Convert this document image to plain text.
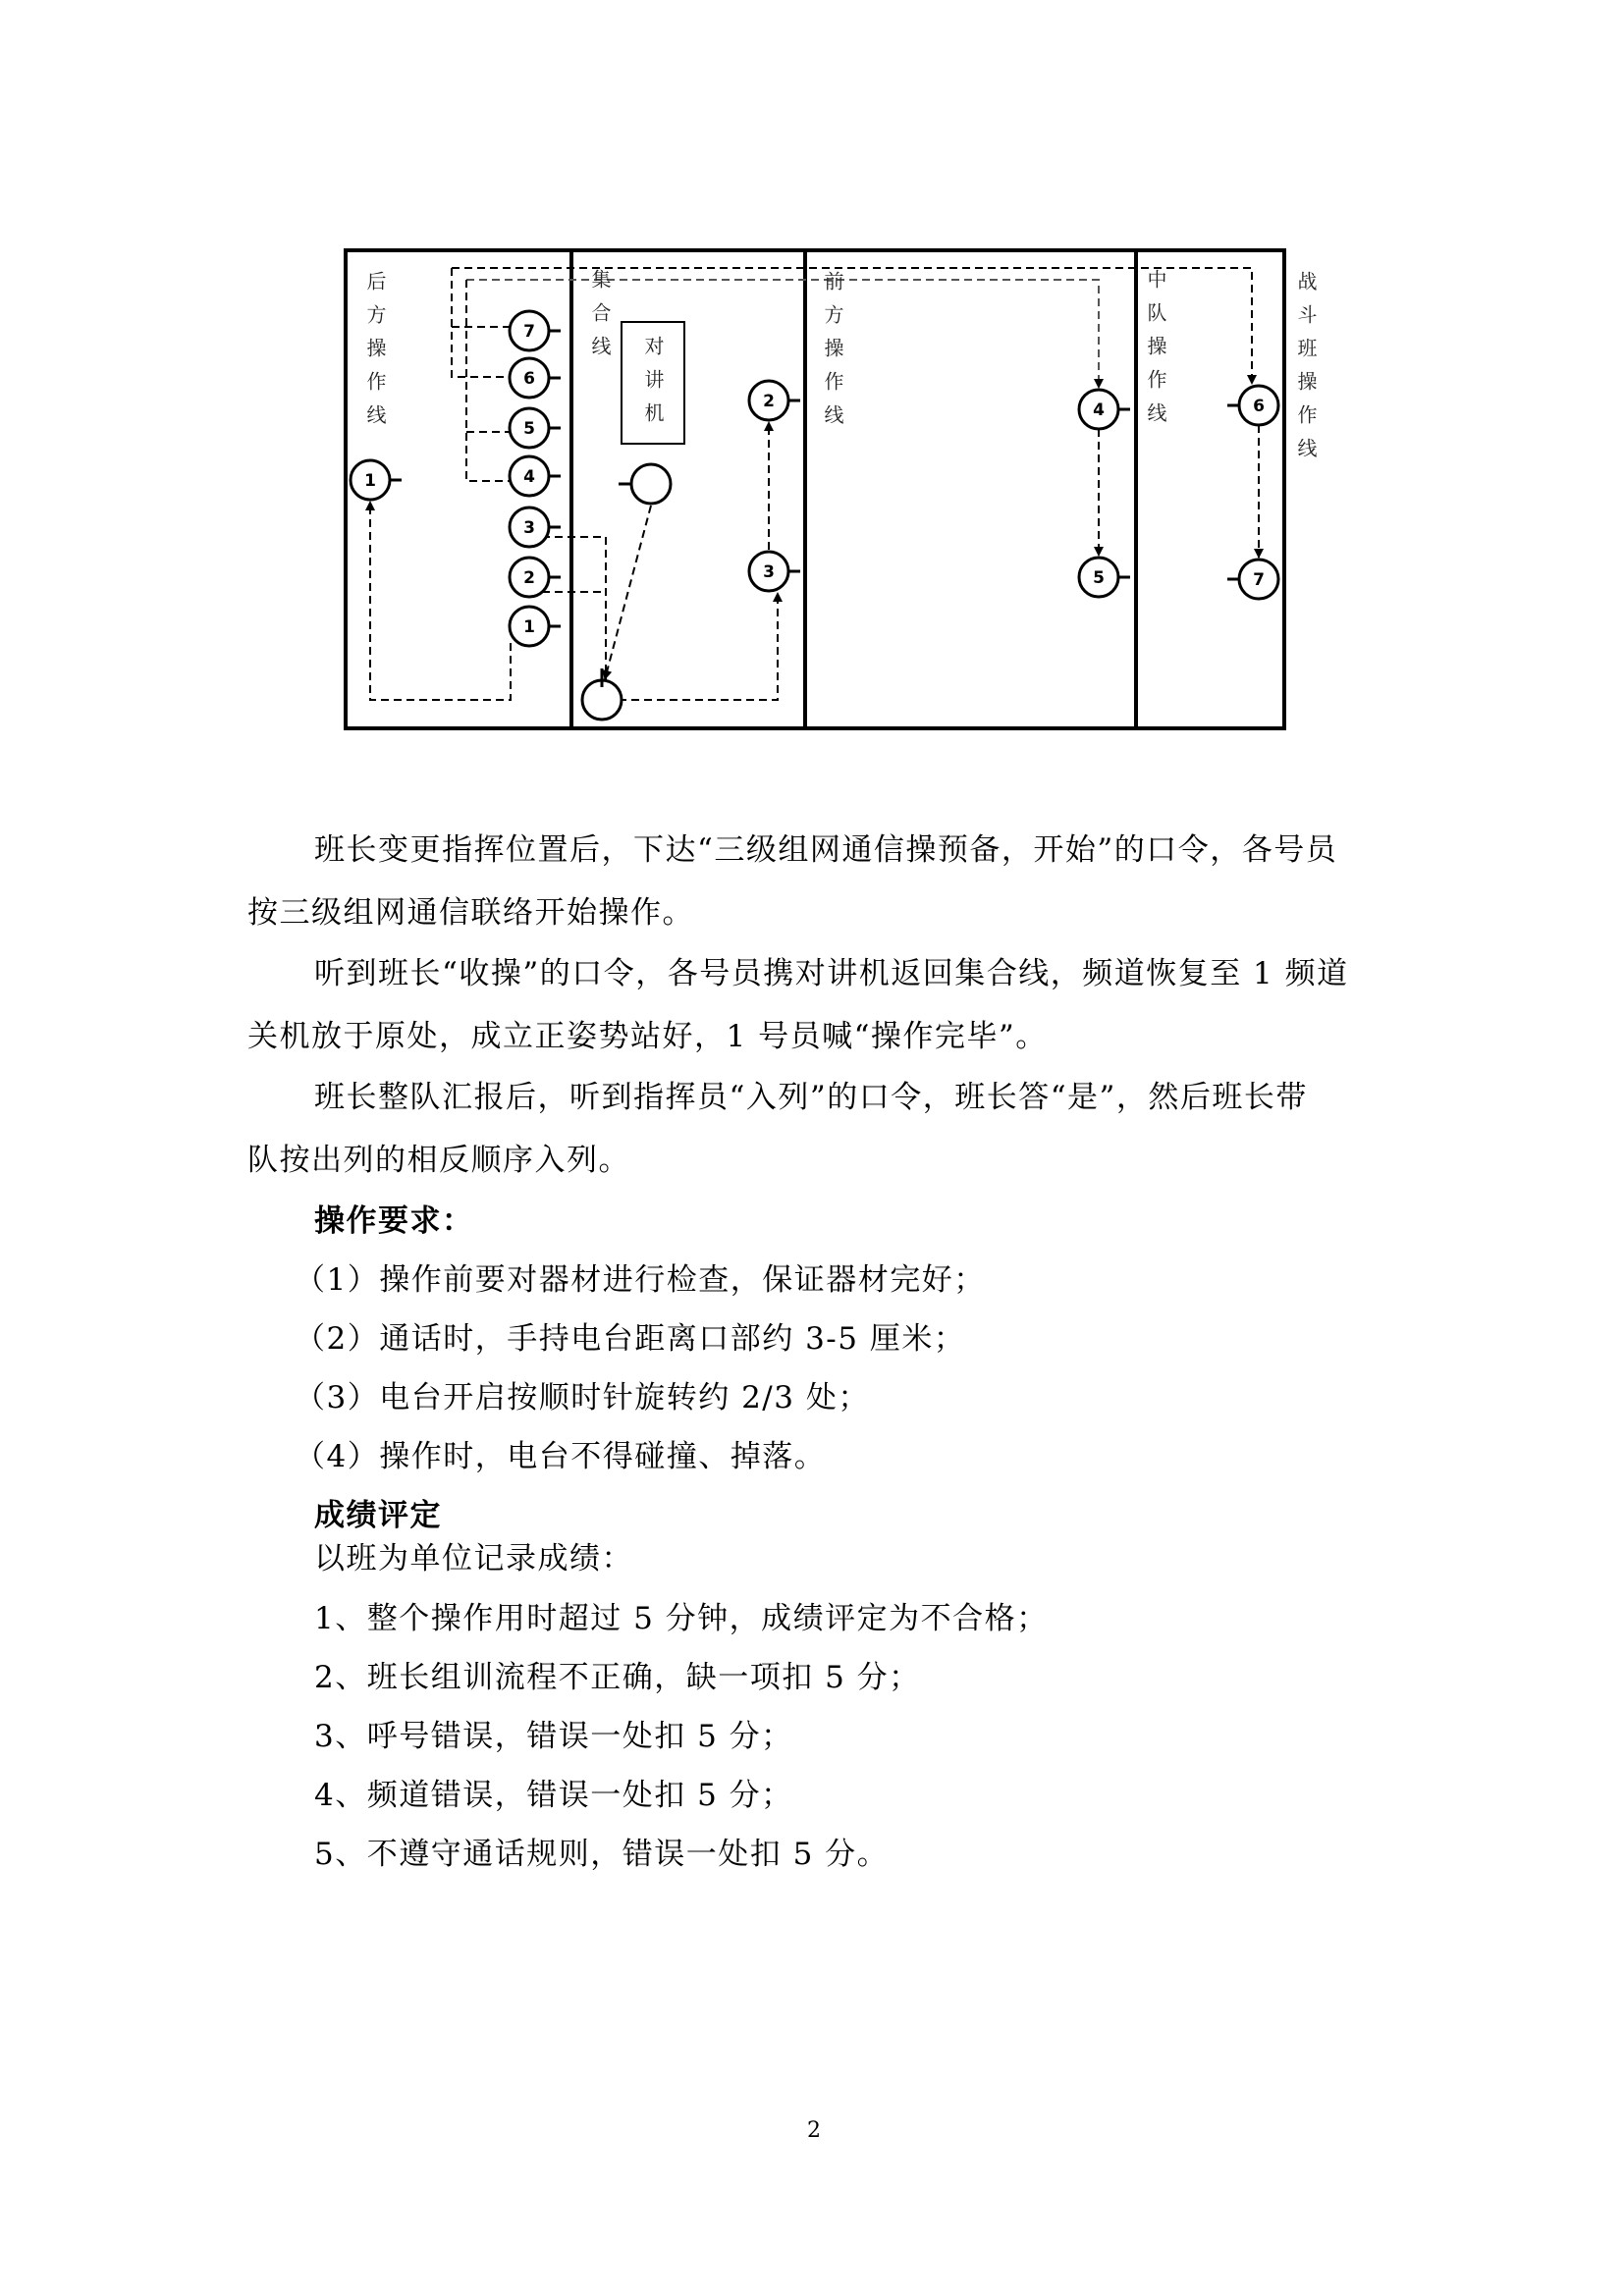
1
7
6
5
4
3
2
1
2
3
4
5
6
7
后方操作线	集合线	前方操作线	中队操作线	战斗班操作线
对讲机
班长变更指挥位置后，下达“三级组网通信操预备，开始”的口令，各号员
按三级组网通信联络开始操作。
听到班长“收操”的口令，各号员携对讲机返回集合线，频道恢复至 1 频道
关机放于原处，成立正姿势站好，1 号员喊“操作完毕”。
班长整队汇报后，听到指挥员“入列”的口令，班长答“是”，然后班长带
队按出列的相反顺序入列。
操作要求：
（1）操作前要对器材进行检查，保证器材完好；
（2）通话时，手持电台距离口部约 3-5 厘米；
（3）电台开启按顺时针旋转约 2/3 处；
（4）操作时，电台不得碰撞、掉落。
成绩评定
以班为单位记录成绩：
1、整个操作用时超过 5 分钟，成绩评定为不合格；
2、班长组训流程不正确，缺一项扣 5 分；
3、呼号错误，错误一处扣 5 分；
4、频道错误，错误一处扣 5 分；
5、不遵守通话规则，错误一处扣 5 分。
2
